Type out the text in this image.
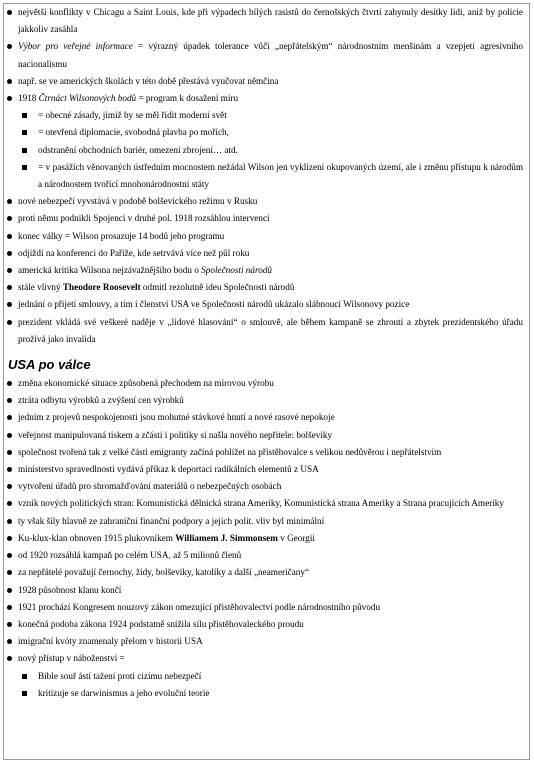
největší konflikty v Chicagu a Saint Louis, kde při výpadech bílých rasistů do černošských čtvrtí zahynuly desítky lidí, aniž by policie jakkoliv zasáhla
Výbor pro veřejné informace = výrazný úpadek tolerance vůči „nepřátelským“ národnostním menšinám a vzepjetí agresivního nacionalismu
např. se ve amerických školách v této době přestává vyučovat němčina
1918 Čtrnáct Wilsonových bodů = program k dosažení míru
= obecné zásady, jimiž by se měl řídit moderní svět
= otevřená diplomacie, svobodná plavba po mořích,
odstranění obchodních bariér, omezení zbrojení… atd.
= v pasážích věnovaných ústředním mocnostem nežádal Wilson jen vyklizení okupovaných území, ale i změnu přístupu k národům a národnostem tvořící mnohonárodnostní státy
nové nebezpečí vyvstává v podobě bolševického režimu v Rusku
proti němu podnikli Spojenci v druhé pol. 1918 rozsáhlou intervenci
konec války = Wilson prosazuje 14 bodů jeho programu
odjíždí na konferenci do Paříže, kde setrvává více než půl roku
americká kritika Wilsona nejzávažnějšího bodu o Společnosti národů
stále vlivný Theodore Roosevelt odmítl rezolutně ideu Společnosti národů
jednání o přijetí smlouvy, a tím i členství USA ve Společnosti národů ukázalo slábnoucí Wilsonovy pozice
prezident vkládá své veškeré naděje v „lidové hlasování“ o smlouvě, ale během kampaně se zhroutí a zbytek prezidentského úřadu prožívá jako invalida
USA po válce
změna ekonomické situace způsobená přechodem na mírovou výrobu
ztráta odbytu výrobků a zvýšení cen výrobků
jedním z projevů nespokojenosti jsou mohutné stávkové hnutí a nové rasové nepokoje
veřejnost manipulovaná tiskem a zčásti i politiky si našla nového nepřítele: bolševiky
společnost tvořená tak z velké části emigranty začíná pohlížet na přistěhovalce s velikou nedůvěrou i nepřátelstvím
ministerstvo spravedlnosti vydává příkaz k deportaci radikálních elementů z USA
vytvoření úřadů pro shromažďování materiálů o nebezpečných osobách
vznik nových politických stran: Komunistická dělnická strana Ameriky, Komunistická strana Ameriky a Strana pracujících Ameriky
ty však šíly hlavně ze zahraniční finanční podpory a jejich polit. vliv byl minimální
Ku-klux-klan obnoven 1915 plukovníkem Williamem J. Simmonsem v Georgii
od 1920 rozsáhlá kampaň po celém USA, až 5 milionů členů
za nepřátelé považují černochy, židy, bolševiky, katolíky a další „neameričany“
1928 působnost klanu končí
1921 prochází Kongresem nouzový zákon omezující přistěhovalectví podle národnostního původu
konečná podoba zákona 1924 podstatně snížila sílu přistěhovaleckého proudu
imigrační kvóty znamenaly přelom v historii USA
nový přístup v náboženství =
Bible souř ástí tažení proti cizímu nebezpečí
kritizuje se darwinismus a jeho evoluční teorie
